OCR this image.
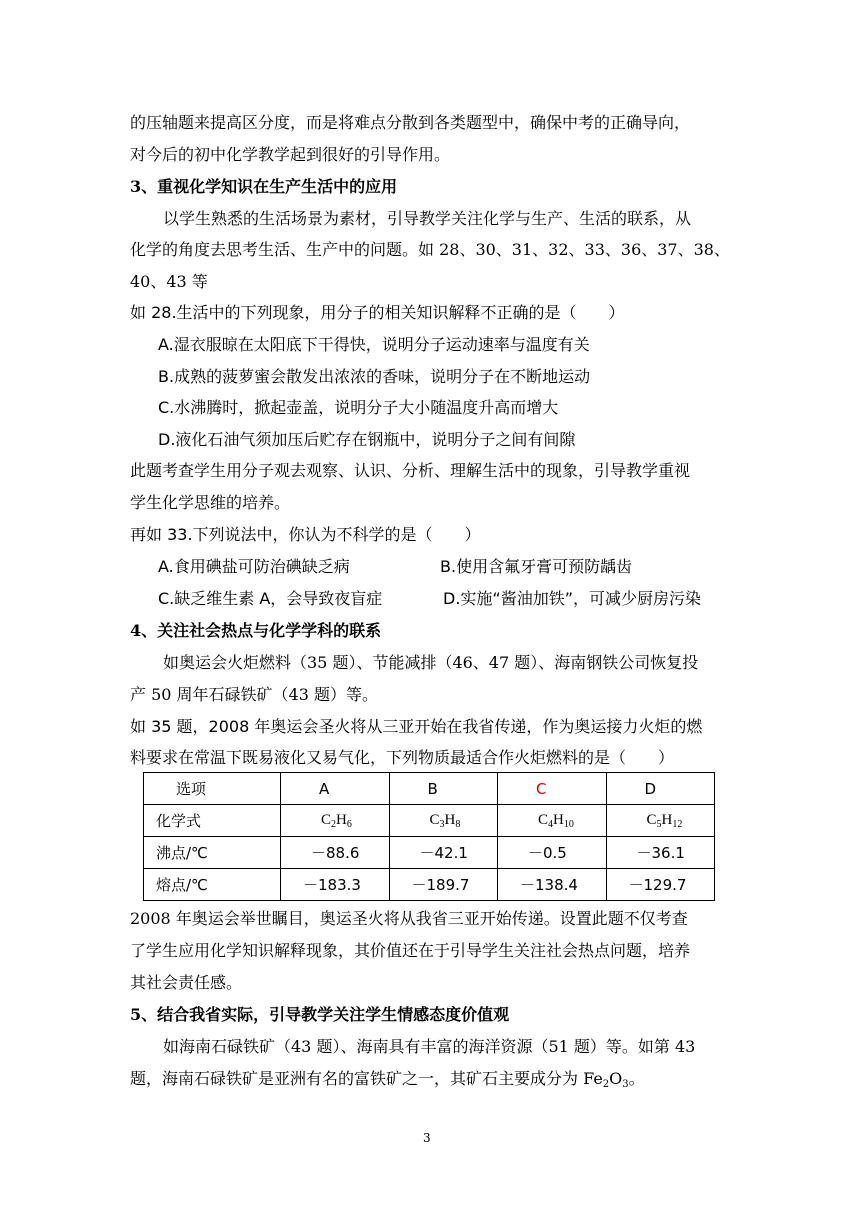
的压轴题来提高区分度，而是将难点分散到各类题型中，确保中考的正确导向，
对今后的初中化学教学起到很好的引导作用。
3、重视化学知识在生产生活中的应用
以学生熟悉的生活场景为素材，引导教学关注化学与生产、生活的联系，从
化学的角度去思考生活、生产中的问题。如 28、30、31、32、33、36、37、38、
40、43 等
如 28.生活中的下列现象，用分子的相关知识解释不正确的是（　　）
A.湿衣服晾在太阳底下干得快，说明分子运动速率与温度有关
B.成熟的菠萝蜜会散发出浓浓的香味，说明分子在不断地运动
C.水沸腾时，掀起壶盖，说明分子大小随温度升高而增大
D.液化石油气须加压后贮存在钢瓶中，说明分子之间有间隙
此题考查学生用分子观去观察、认识、分析、理解生活中的现象，引导教学重视
学生化学思维的培养。
再如 33.下列说法中，你认为不科学的是（　　）
A.食用碘盐可防治碘缺乏病	B.使用含氟牙膏可预防龋齿
C.缺乏维生素 A，会导致夜盲症	D.实施“酱油加铁”，可减少厨房污染
4、关注社会热点与化学学科的联系
如奥运会火炬燃料（35 题）、节能减排（46、47 题）、海南钢铁公司恢复投
产 50 周年石碌铁矿（43 题）等。
如 35 题，2008 年奥运会圣火将从三亚开始在我省传递，作为奥运接力火炬的燃
料要求在常温下既易液化又易气化，下列物质最适合作火炬燃料的是（　　）
选项	A	B	C	D
化学式	$C_2H_6$	$C_3H_8$	$C_4H_{10}$	$C_5H_{12}$
沸点/℃	－88.6	－42.1	－0.5	－36.1
熔点/℃	－183.3	－189.7	－138.4	－129.7
2008 年奥运会举世瞩目，奥运圣火将从我省三亚开始传递。设置此题不仅考查
了学生应用化学知识解释现象，其价值还在于引导学生关注社会热点问题，培养
其社会责任感。
5、结合我省实际，引导教学关注学生情感态度价值观
如海南石碌铁矿（43 题）、海南具有丰富的海洋资源（51 题）等。如第 43
题，海南石碌铁矿是亚洲有名的富铁矿之一，其矿石主要成分为 $Fe_2O_3$。
3
